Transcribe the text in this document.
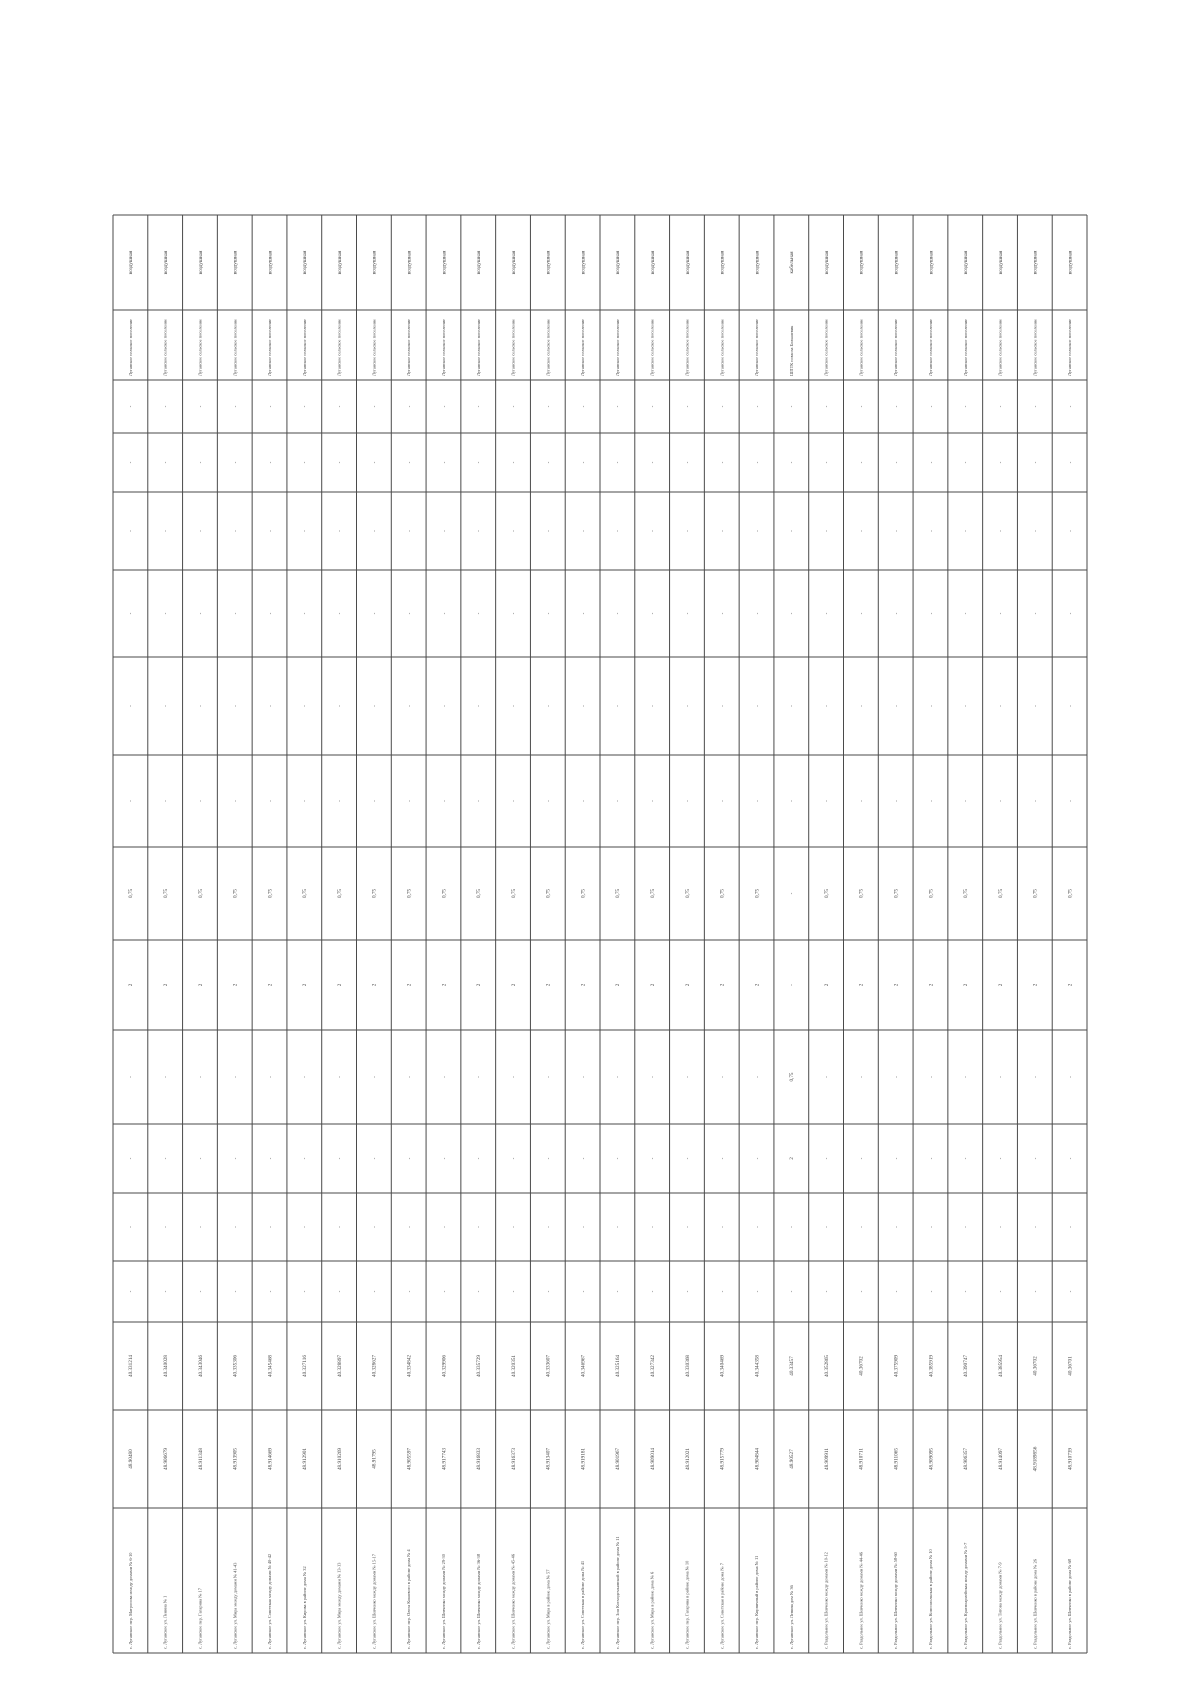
с. Луганское пер. Матросова между домами № 6-10
48.90480
40.331214
-
-
-
-
2
0,75
-
-
-
-
-
-
Луганское сельское поселение
воздушная
с. Луганское ул. Ленина № 1
48.906679
40.340028
-
-
-
-
2
0,75
-
-
-
-
-
-
Луганское сельское поселение
воздушная
с. Луганское пер. Гагарина № 17
48.911348
40.343046
-
-
-
-
2
0,75
-
-
-
-
-
-
Луганское сельское поселение
воздушная
с. Луганское ул. Мира между домами № 41-43
48.913905
40.335306
-
-
-
-
2
0,75
-
-
-
-
-
-
Луганское сельское поселение
воздушная
с. Луганское ул. Советская между домами № 40-42
48.914669
40.345468
-
-
-
-
2
0,75
-
-
-
-
-
-
Луганское сельское поселение
воздушная
с. Луганское ул. Кирова в районе дома № 32
48.912901
40.327116
-
-
-
-
2
0,75
-
-
-
-
-
-
Луганское сельское поселение
воздушная
с. Луганское ул. Мира между домами № 13-13
48.910269
40.328897
-
-
-
-
2
0,75
-
-
-
-
-
-
Луганское сельское поселение
воздушная
с. Луганское ул. Шевченко между домами № 15-17
48.91795
40.328627
-
-
-
-
2
0,75
-
-
-
-
-
-
Луганское сельское поселение
воздушная
с. Луганское пер. Олега Кошевого в районе дома № 4
48.905597
40.334842
-
-
-
-
2
0,75
-
-
-
-
-
-
Луганское сельское поселение
воздушная
с. Луганское ул. Шевченко между домами № 29-30
48.917743
40.329906
-
-
-
-
2
0,75
-
-
-
-
-
-
Луганское сельское поселение
воздушная
с. Луганское ул. Шевченко между домами № 36-38
48.916833
40.335729
-
-
-
-
2
0,75
-
-
-
-
-
-
Луганское сельское поселение
воздушная
с. Луганское ул. Шевченко между домами № 45-46
48.916373
40.320351
-
-
-
-
2
0,75
-
-
-
-
-
-
Луганское сельское поселение
воздушная
с. Луганское ул. Мира в районе дома № 57
48.913407
40.333607
-
-
-
-
2
0,75
-
-
-
-
-
-
Луганское сельское поселение
воздушная
с. Луганское ул. Советская в районе дома № 41
48.919181
40.346967
-
-
-
-
2
0,75
-
-
-
-
-
-
Луганское сельское поселение
воздушная
с. Луганское пер. Зои Космодемьянской в районе дома № 11
48.901967
40.325164
-
-
-
-
2
0,75
-
-
-
-
-
-
Луганское сельское поселение
воздушная
с. Луганское ул. Мира в районе дома № 6
48.909014
40.327342
-
-
-
-
2
0,75
-
-
-
-
-
-
Луганское сельское поселение
воздушная
с. Луганское пер. Гагарина в районе дома № 10
48.912021
40.330368
-
-
-
-
2
0,75
-
-
-
-
-
-
Луганское сельское поселение
воздушная
с. Луганское ул. Советская в районе дома № 7
48.915779
40.340469
-
-
-
-
2
0,75
-
-
-
-
-
-
Луганское сельское поселение
воздушная
с. Луганское пер. Кирпичный в районе дома № 11
48.904844
40.344358
-
-
-
-
2
0,75
-
-
-
-
-
-
Луганское сельское поселение
воздушная
с. Луганское ул. Ленина дом № 36
48.90527
40.33457
-
-
2
0,75
-
-
-
-
-
-
-
-
ШПТК совхоза Большевик
кабельная
с. Раздольное ул. Шевченко между домами № 10-12
48.909911
40.352865
-
-
-
-
2
0,75
-
-
-
-
-
-
Луганское сельское поселение
воздушная
с. Раздольное ул. Шевченко между домами № 44-46
48.910711
40.36702
-
-
-
-
2
0,75
-
-
-
-
-
-
Луганское сельское поселение
воздушная
с. Раздольное ул. Шевченко между домами № 58-60
48.911065
40.375909
-
-
-
-
2
0,75
-
-
-
-
-
-
Луганское сельское поселение
воздушная
с. Раздольное ул. Комсомольская в районе дома № 10
48.909095
40.385919
-
-
-
-
2
0,75
-
-
-
-
-
-
Луганское сельское поселение
воздушная
с. Раздольное ул. Красноармейская между домами № 5-7
48.906357
40.390747
-
-
-
-
2
0,75
-
-
-
-
-
-
Луганское сельское поселение
воздушная
с. Раздольное ул. Титова между домами № 7-9
48.914097
40.385954
-
-
-
-
2
0,75
-
-
-
-
-
-
Луганское сельское поселение
воздушная
с. Раздольное ул. Шевченко в районе дома № 26
48.9189856
40.36702
-
-
-
-
2
0,75
-
-
-
-
-
-
Луганское сельское поселение
воздушная
с. Раздольное ул. Шевченко в районе дома № 68
48.910739
40.36701
-
-
-
-
2
0,75
-
-
-
-
-
-
Луганское сельское поселение
воздушная
